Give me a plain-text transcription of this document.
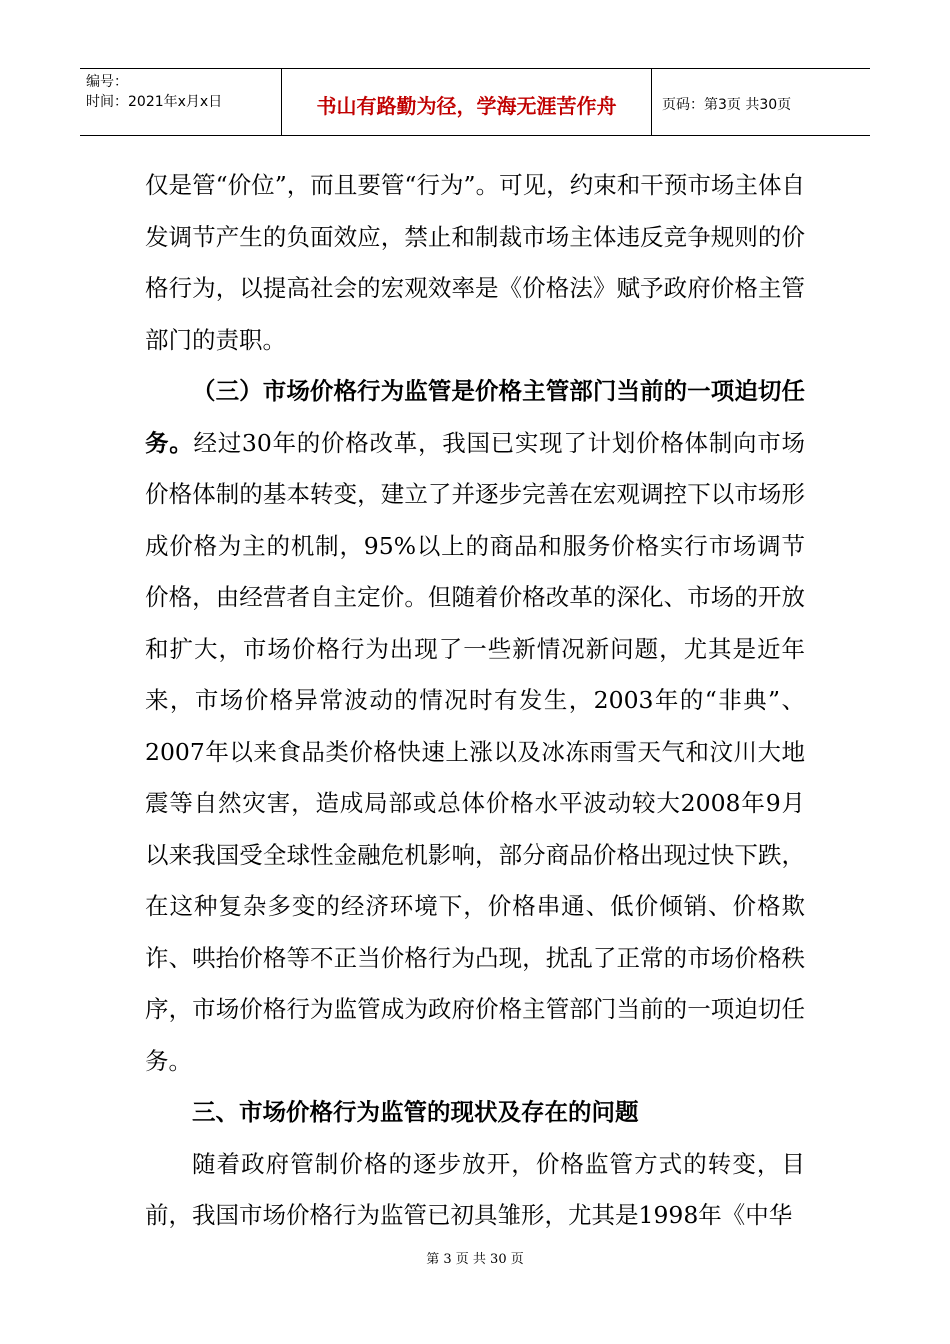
编号：
时间：2021年x月x日	书山有路勤为径，学海无涯苦作舟	页码：第3页 共30页

仅是管“价位”，而且要管“行为”。可见，约束和干预市场主体自发调节产生的负面效应，禁止和制裁市场主体违反竞争规则的价格行为，以提高社会的宏观效率是《价格法》赋予政府价格主管部门的责职。

（三）市场价格行为监管是价格主管部门当前的一项迫切任务。经过30年的价格改革，我国已实现了计划价格体制向市场价格体制的基本转变，建立了并逐步完善在宏观调控下以市场形成价格为主的机制，95%以上的商品和服务价格实行市场调节价格，由经营者自主定价。但随着价格改革的深化、市场的开放和扩大，市场价格行为出现了一些新情况新问题，尤其是近年来，市场价格异常波动的情况时有发生，2003年的“非典”、2007年以来食品类价格快速上涨以及冰冻雨雪天气和汶川大地震等自然灾害，造成局部或总体价格水平波动较大2008年9月以来我国受全球性金融危机影响，部分商品价格出现过快下跌，在这种复杂多变的经济环境下，价格串通、低价倾销、价格欺诈、哄抬价格等不正当价格行为凸现，扰乱了正常的市场价格秩序，市场价格行为监管成为政府价格主管部门当前的一项迫切任务。

三、市场价格行为监管的现状及存在的问题

随着政府管制价格的逐步放开，价格监管方式的转变，目前，我国市场价格行为监管已初具雏形，尤其是1998年《中华

第 3 页 共 30 页
